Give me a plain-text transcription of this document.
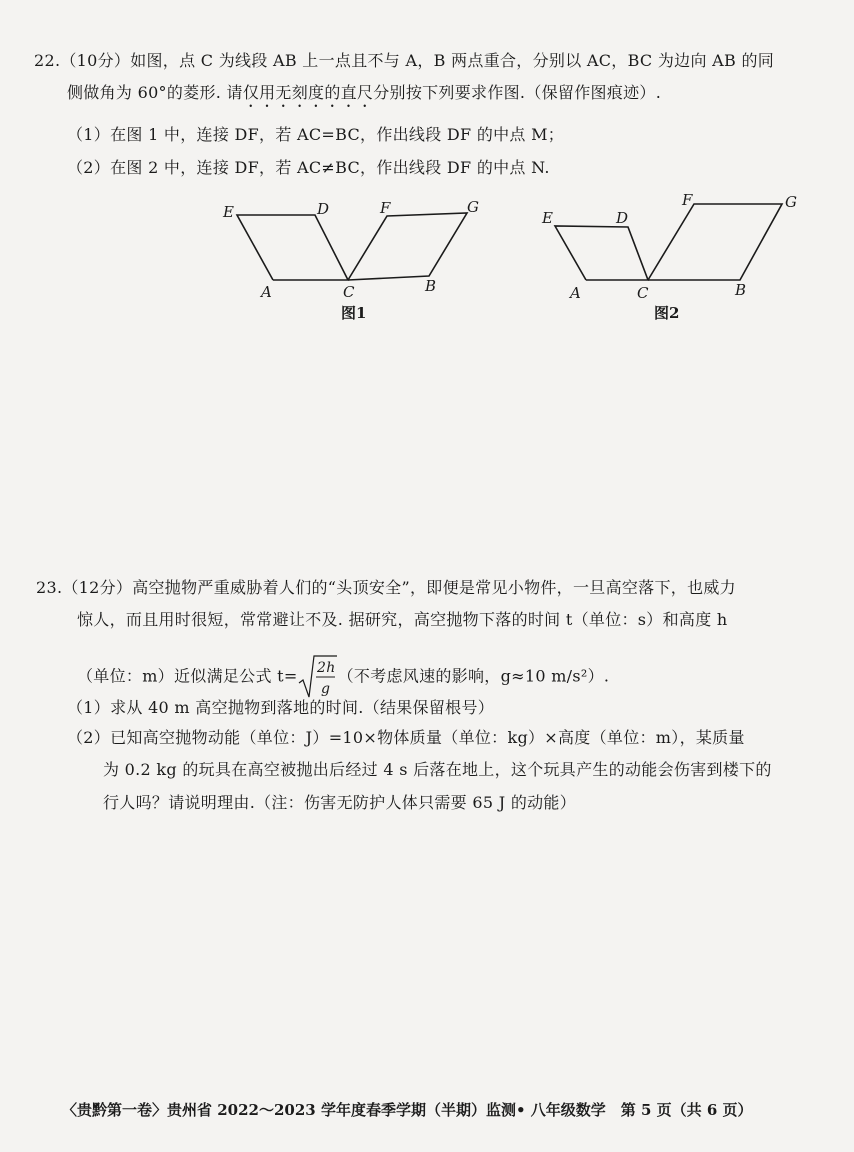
22.（10分）如图，点 C 为线段 AB 上一点且不与 A，B 两点重合，分别以 AC，BC 为边向 AB 的同
侧做角为 60°的菱形. 请仅用无刻度的直尺分别按下列要求作图.（保留作图痕迹）.
（1）在图 1 中，连接 DF，若 AC=BC，作出线段 DF 的中点 M；
（2）在图 2 中，连接 DF，若 AC≠BC，作出线段 DF 的中点 N.
E	D	F	G
A	C	B
图1
E	D
F	G
A	C	B
图2
23.（12分）高空抛物严重威胁着人们的“头顶安全”，即便是常见小物件，一旦高空落下，也威力
惊人，而且用时很短，常常避让不及. 据研究，高空抛物下落的时间 t（单位：s）和高度 h
（单位：m）近似满足公式 t= 2h
g
（不考虑风速的影响，g≈10 m/s²）.
（1）求从 40 m 高空抛物到落地的时间.（结果保留根号）
（2）已知高空抛物动能（单位：J）=10×物体质量（单位：kg）×高度（单位：m），某质量
为 0.2 kg 的玩具在高空被抛出后经过 4 s 后落在地上，这个玩具产生的动能会伤害到楼下的
行人吗？请说明理由.（注：伤害无防护人体只需要 65 J 的动能）
〈贵黔第一卷〉贵州省 2022～2023 学年度春季学期（半期）监测• 八年级数学　第 5 页（共 6 页）
